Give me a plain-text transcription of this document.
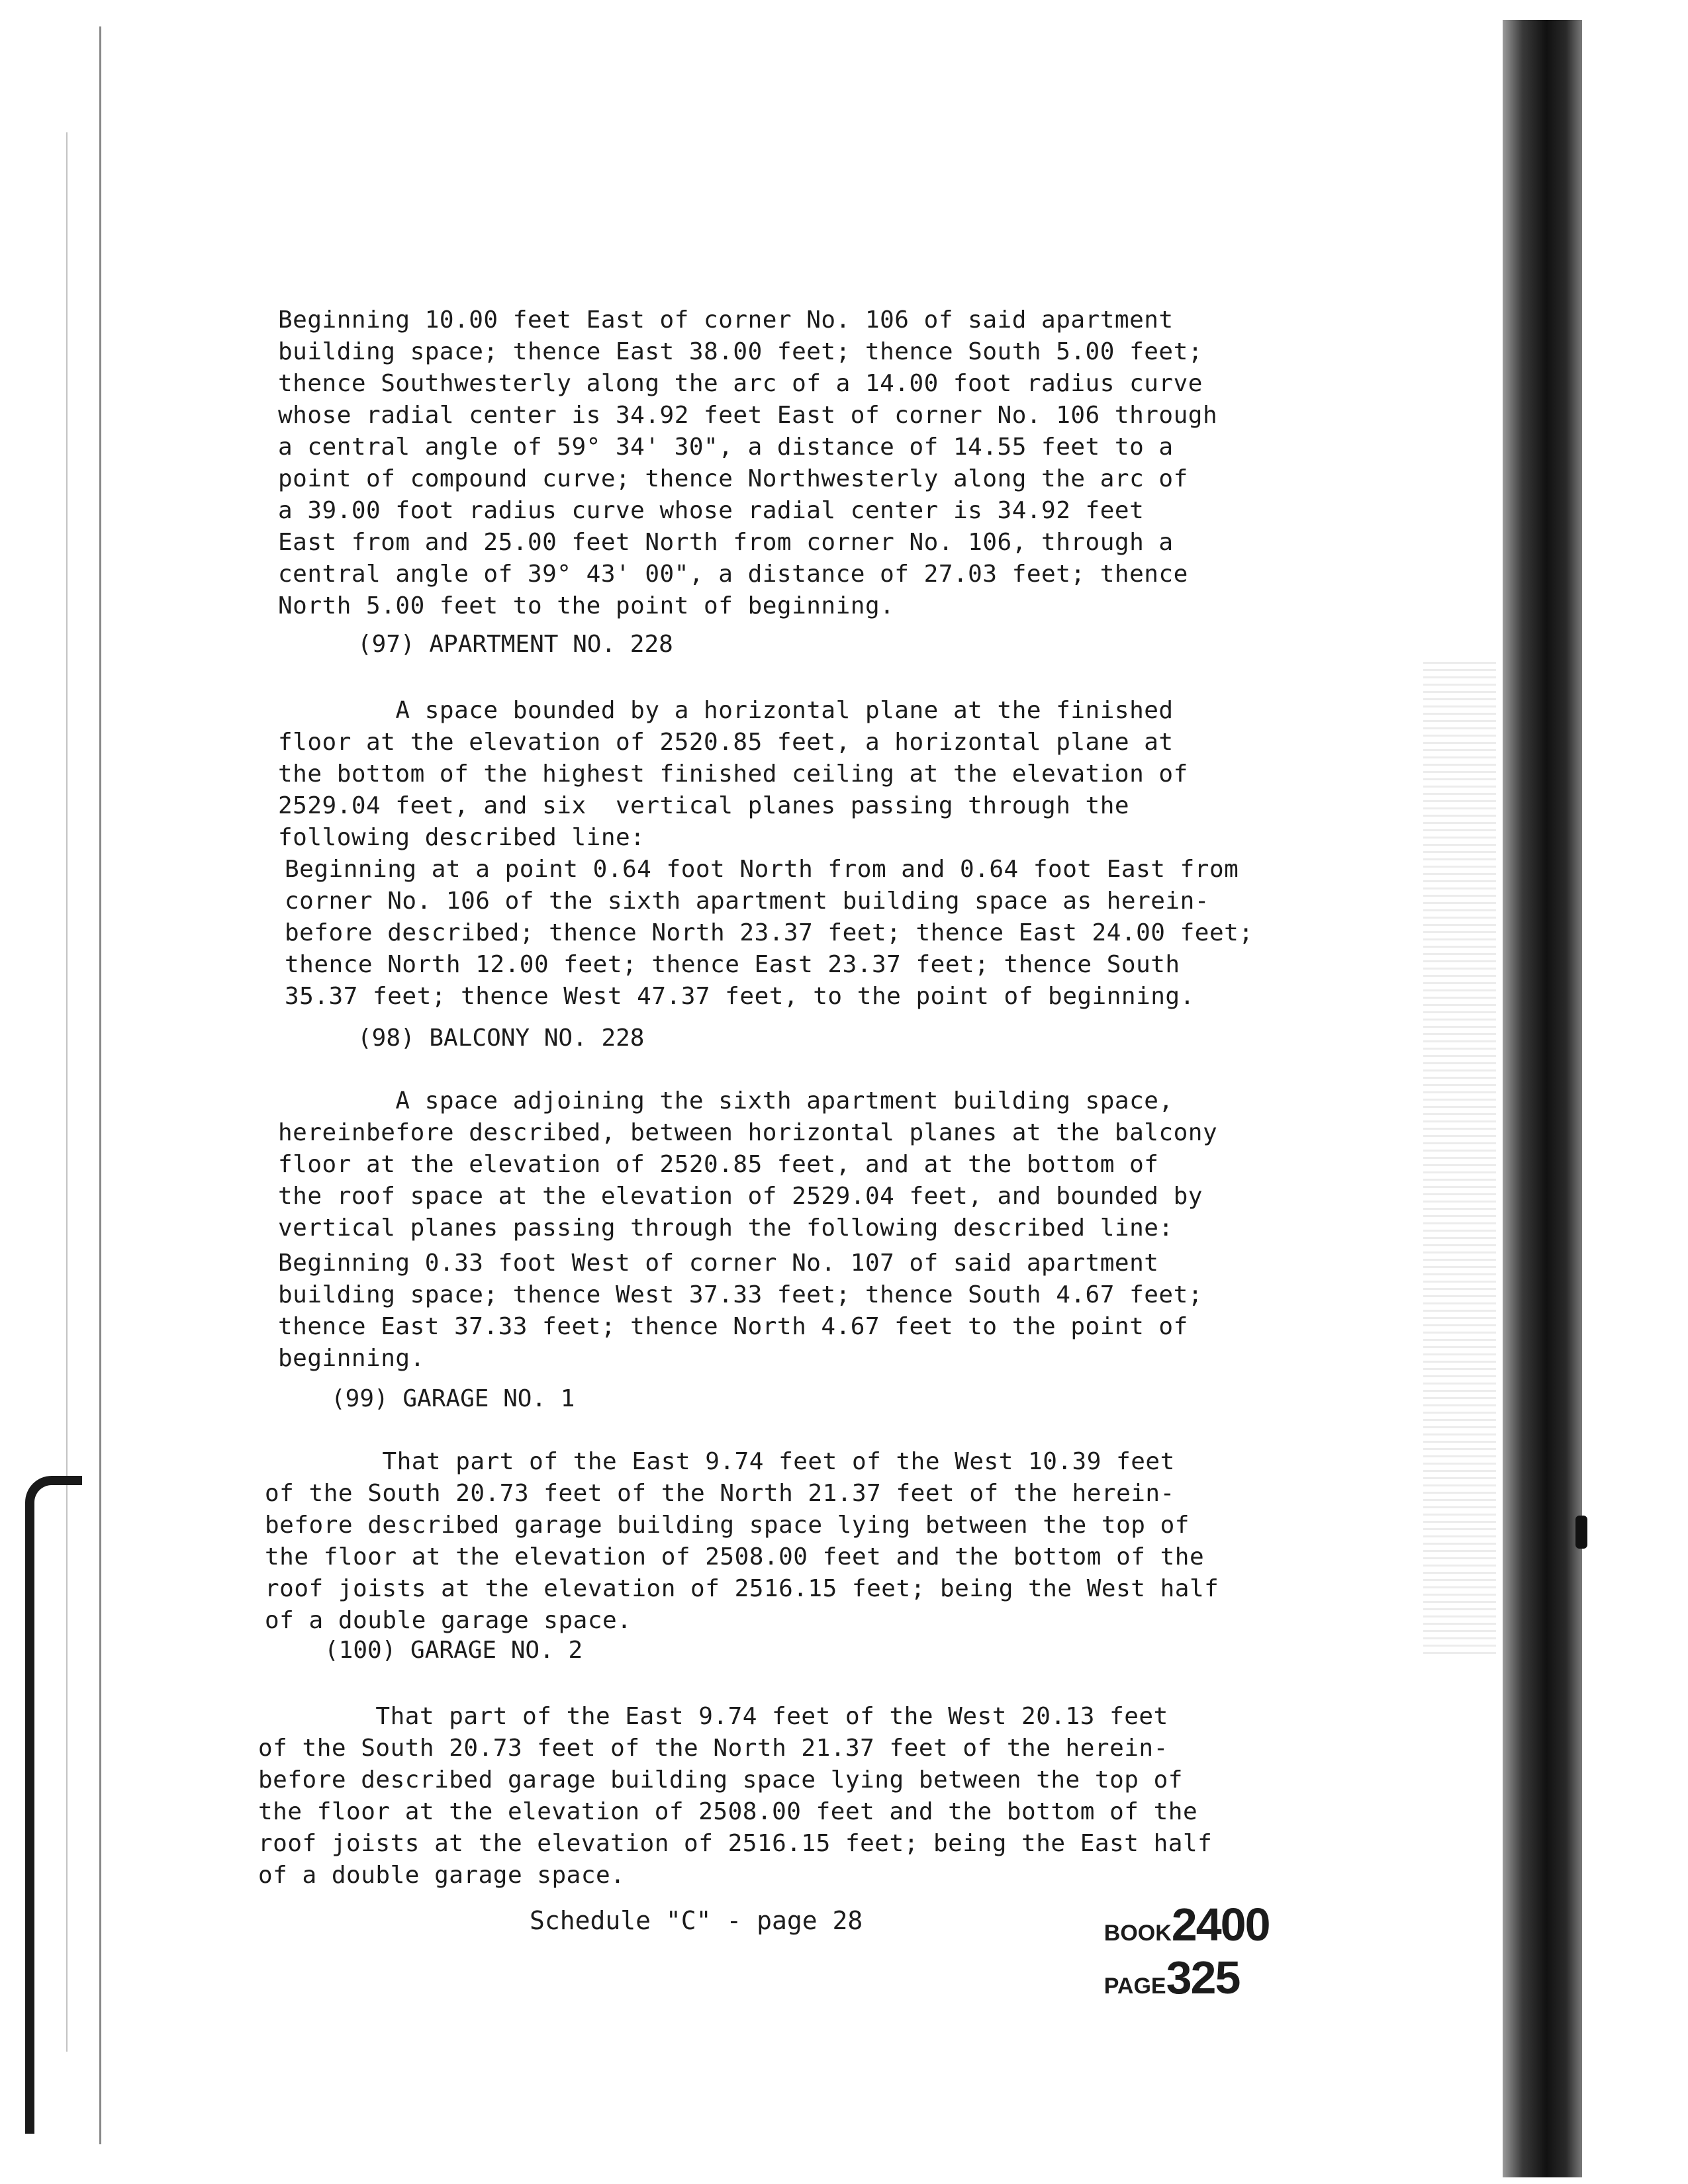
Beginning 10.00 feet East of corner No. 106 of said apartment
building space; thence East 38.00 feet; thence South 5.00 feet;
thence Southwesterly along the arc of a 14.00 foot radius curve
whose radial center is 34.92 feet East of corner No. 106 through
a central angle of 59° 34' 30", a distance of 14.55 feet to a
point of compound curve; thence Northwesterly along the arc of
a 39.00 foot radius curve whose radial center is 34.92 feet
East from and 25.00 feet North from corner No. 106, through a
central angle of 39° 43' 00", a distance of 27.03 feet; thence
North 5.00 feet to the point of beginning.
(97) APARTMENT NO. 228
A space bounded by a horizontal plane at the finished
floor at the elevation of 2520.85 feet, a horizontal plane at
the bottom of the highest finished ceiling at the elevation of
2529.04 feet, and six  vertical planes passing through the
following described line:
Beginning at a point 0.64 foot North from and 0.64 foot East from
corner No. 106 of the sixth apartment building space as herein-
before described; thence North 23.37 feet; thence East 24.00 feet;
thence North 12.00 feet; thence East 23.37 feet; thence South
35.37 feet; thence West 47.37 feet, to the point of beginning.
(98) BALCONY NO. 228
A space adjoining the sixth apartment building space,
hereinbefore described, between horizontal planes at the balcony
floor at the elevation of 2520.85 feet, and at the bottom of
the roof space at the elevation of 2529.04 feet, and bounded by
vertical planes passing through the following described line:
Beginning 0.33 foot West of corner No. 107 of said apartment
building space; thence West 37.33 feet; thence South 4.67 feet;
thence East 37.33 feet; thence North 4.67 feet to the point of
beginning.
(99) GARAGE NO. 1
That part of the East 9.74 feet of the West 10.39 feet
of the South 20.73 feet of the North 21.37 feet of the herein-
before described garage building space lying between the top of
the floor at the elevation of 2508.00 feet and the bottom of the
roof joists at the elevation of 2516.15 feet; being the West half
of a double garage space.
(100) GARAGE NO. 2
That part of the East 9.74 feet of the West 20.13 feet
of the South 20.73 feet of the North 21.37 feet of the herein-
before described garage building space lying between the top of
the floor at the elevation of 2508.00 feet and the bottom of the
roof joists at the elevation of 2516.15 feet; being the East half
of a double garage space.
Schedule "C" - page 28	BOOK2400
PAGE325
